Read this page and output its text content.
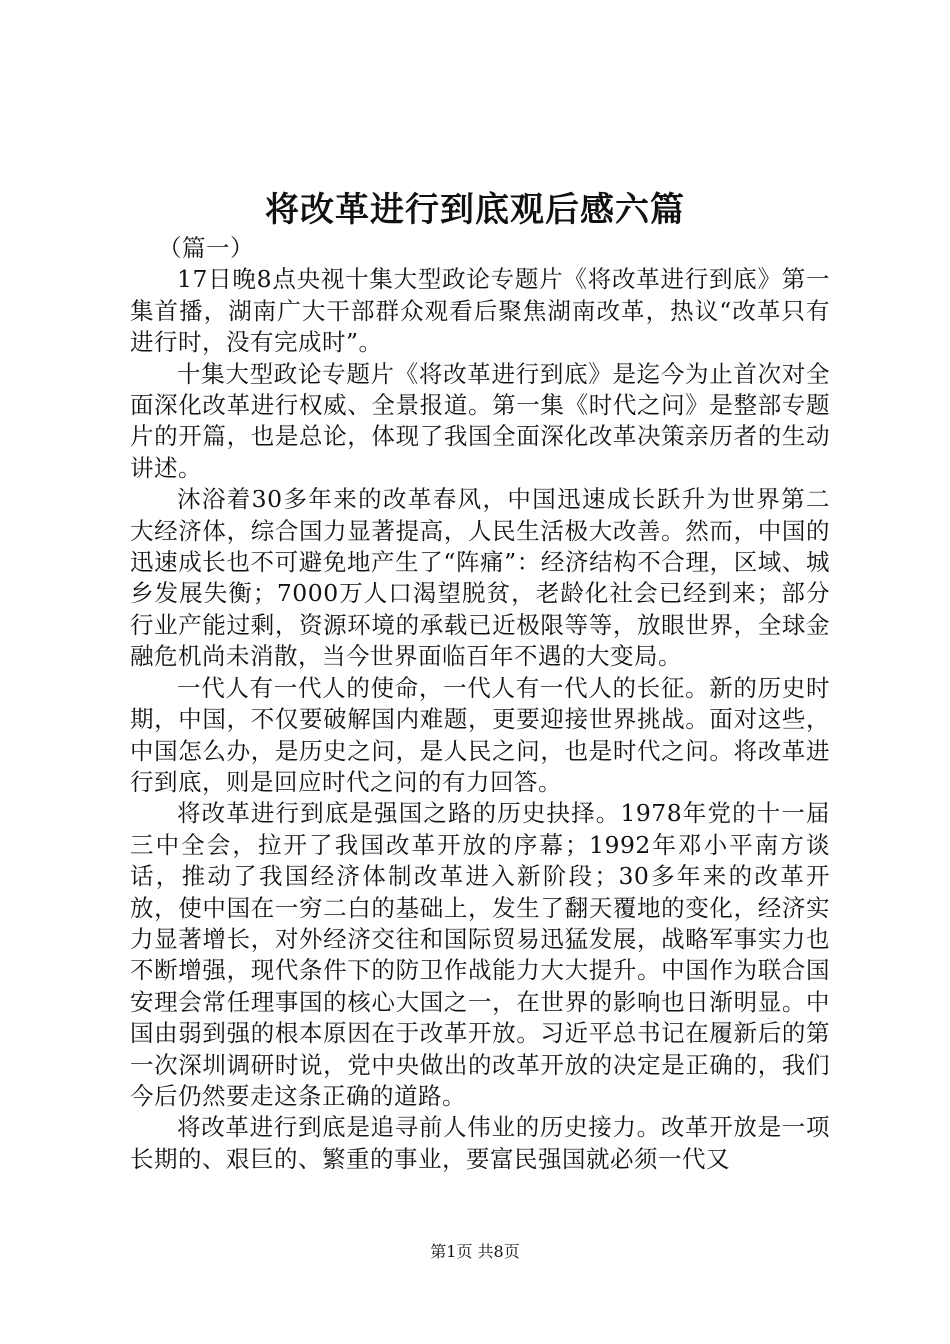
将改革进行到底观后感六篇

（篇一）

17日晚8点央视十集大型政论专题片《将改革进行到底》第一集首播，湖南广大干部群众观看后聚焦湖南改革，热议“改革只有进行时，没有完成时”。

十集大型政论专题片《将改革进行到底》是迄今为止首次对全面深化改革进行权威、全景报道。第一集《时代之问》是整部专题片的开篇，也是总论，体现了我国全面深化改革决策亲历者的生动讲述。

沐浴着30多年来的改革春风，中国迅速成长跃升为世界第二大经济体，综合国力显著提高，人民生活极大改善。然而，中国的迅速成长也不可避免地产生了“阵痛”：经济结构不合理，区域、城乡发展失衡；7000万人口渴望脱贫，老龄化社会已经到来；部分行业产能过剩，资源环境的承载已近极限等等，放眼世界，全球金融危机尚未消散，当今世界面临百年不遇的大变局。

一代人有一代人的使命，一代人有一代人的长征。新的历史时期，中国，不仅要破解国内难题，更要迎接世界挑战。面对这些，中国怎么办，是历史之问，是人民之问，也是时代之问。将改革进行到底，则是回应时代之问的有力回答。

将改革进行到底是强国之路的历史抉择。1978年党的十一届三中全会，拉开了我国改革开放的序幕；1992年邓小平南方谈话，推动了我国经济体制改革进入新阶段；30多年来的改革开放，使中国在一穷二白的基础上，发生了翻天覆地的变化，经济实力显著增长，对外经济交往和国际贸易迅猛发展，战略军事实力也不断增强，现代条件下的防卫作战能力大大提升。中国作为联合国安理会常任理事国的核心大国之一，在世界的影响也日渐明显。中国由弱到强的根本原因在于改革开放。习近平总书记在履新后的第一次深圳调研时说，党中央做出的改革开放的决定是正确的，我们今后仍然要走这条正确的道路。

将改革进行到底是追寻前人伟业的历史接力。改革开放是一项长期的、艰巨的、繁重的事业，要富民强国就必须一代又

第1页 共8页
